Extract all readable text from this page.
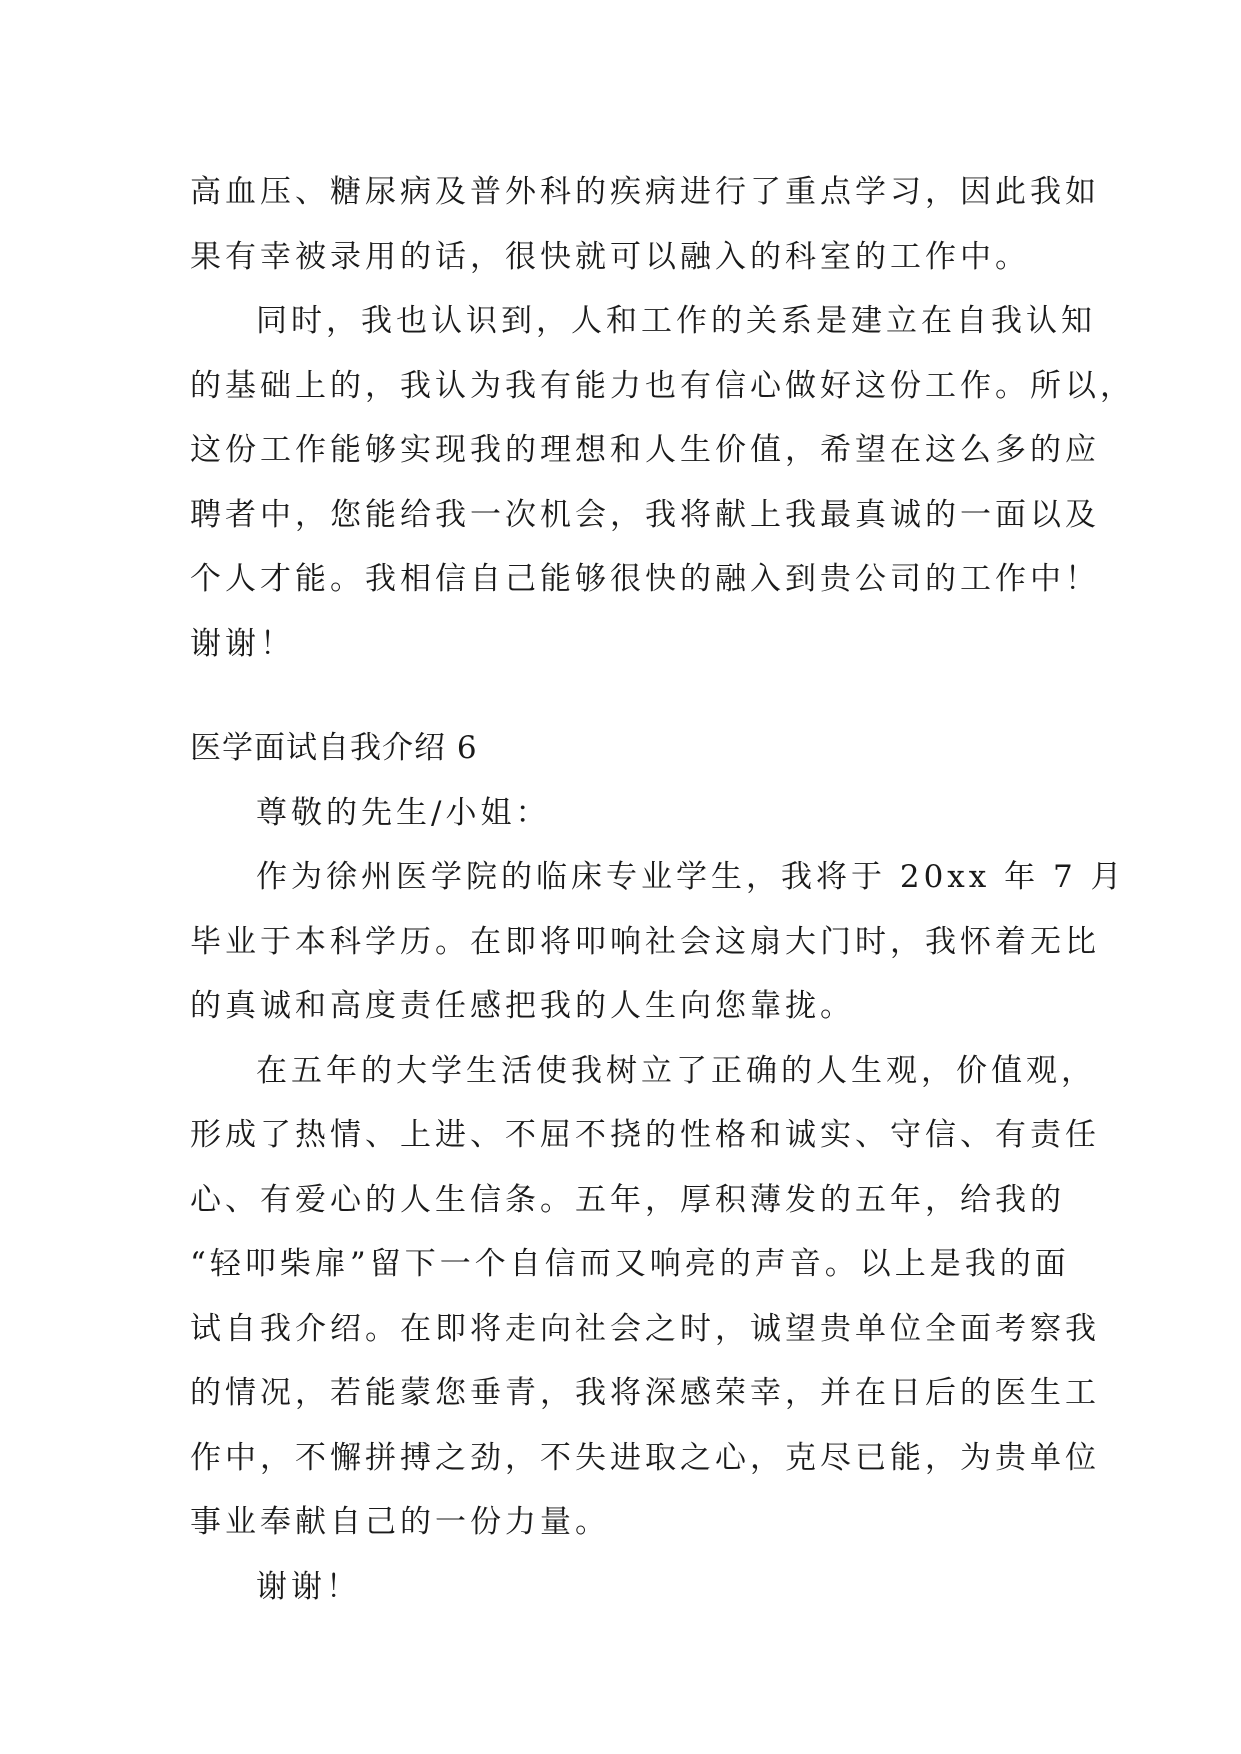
高血压、糖尿病及普外科的疾病进行了重点学习，因此我如
果有幸被录用的话，很快就可以融入的科室的工作中。
同时，我也认识到，人和工作的关系是建立在自我认知
的基础上的，我认为我有能力也有信心做好这份工作。所以，
这份工作能够实现我的理想和人生价值，希望在这么多的应
聘者中，您能给我一次机会，我将献上我最真诚的一面以及
个人才能。我相信自己能够很快的融入到贵公司的工作中！
谢谢！
医学面试自我介绍 6
尊敬的先生/小姐：
作为徐州医学院的临床专业学生，我将于 20xx 年 7 月
毕业于本科学历。在即将叩响社会这扇大门时，我怀着无比
的真诚和高度责任感把我的人生向您靠拢。
在五年的大学生活使我树立了正确的人生观，价值观，
形成了热情、上进、不屈不挠的性格和诚实、守信、有责任
心、有爱心的人生信条。五年，厚积薄发的五年，给我的
“轻叩柴扉”留下一个自信而又响亮的声音。以上是我的面
试自我介绍。在即将走向社会之时，诚望贵单位全面考察我
的情况，若能蒙您垂青，我将深感荣幸，并在日后的医生工
作中，不懈拼搏之劲，不失进取之心，克尽已能，为贵单位
事业奉献自己的一份力量。
谢谢！
